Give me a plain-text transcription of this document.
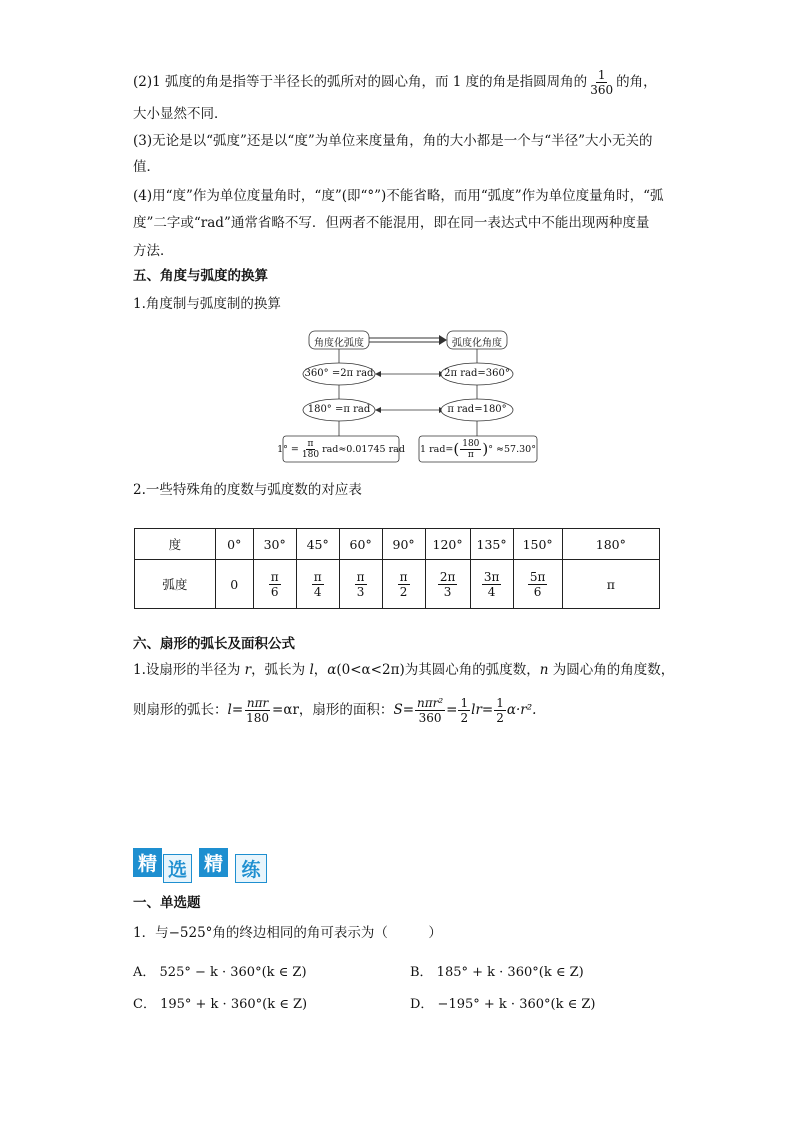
(2)1 弧度的角是指等于半径长的弧所对的圆心角，而 1 度的角是指圆周角的 $\frac{1}{360}$ 的角，
大小显然不同．
(3)无论是以“弧度”还是以“度”为单位来度量角，角的大小都是一个与“半径”大小无关的
值．
(4)用“度”作为单位度量角时，“度”(即“°”)不能省略，而用“弧度”作为单位度量角时，“弧
度”二字或“rad”通常省略不写．但两者不能混用，即在同一表达式中不能出现两种度量
方法．
五、角度与弧度的换算
1.角度制与弧度制的换算
角度化弧度	弧度化角度
360° =2π rad	2π rad=360°
180° =π rad	π rad=180°
$1^\circ = \frac{\pi}{180} rad\approx 0.01745$ rad 1 rad= ( $\frac{180}{\pi}$ ) ° ≈57.30°
2.一些特殊角的度数与弧度数的对应表
度	0°	30°	45°	60°	90°	120°	135°	150°	180°
弧度	0	$\frac{\pi}{6}$	$\frac{\pi}{4}$	$\frac{\pi}{3}$	$\frac{\pi}{2}$	$\frac{2\pi}{3}$	$\frac{3\pi}{4}$	$\frac{5\pi}{6}$	π
六、扇形的弧长及面积公式
1.设扇形的半径为 r，弧长为 l，α(0<α<2π)为其圆心角的弧度数，n 为圆心角的角度数，
则扇形的弧长：$l= \frac{\text{nπr}}{180} =\alpha r$，扇形的面积：$S= \frac{\text{nπr²}}{360} = \frac{1}{2} lr= \frac{1}{2} \alpha\cdot r^2$.
精 选 精 练
一、单选题
1．与−525°角的终边相同的角可表示为（　　　）
A． 525° − k · 360°(k ∈ Z)	B． 185° + k · 360°(k ∈ Z)
C． 195° + k · 360°(k ∈ Z)	D． −195° + k · 360°(k ∈ Z)
